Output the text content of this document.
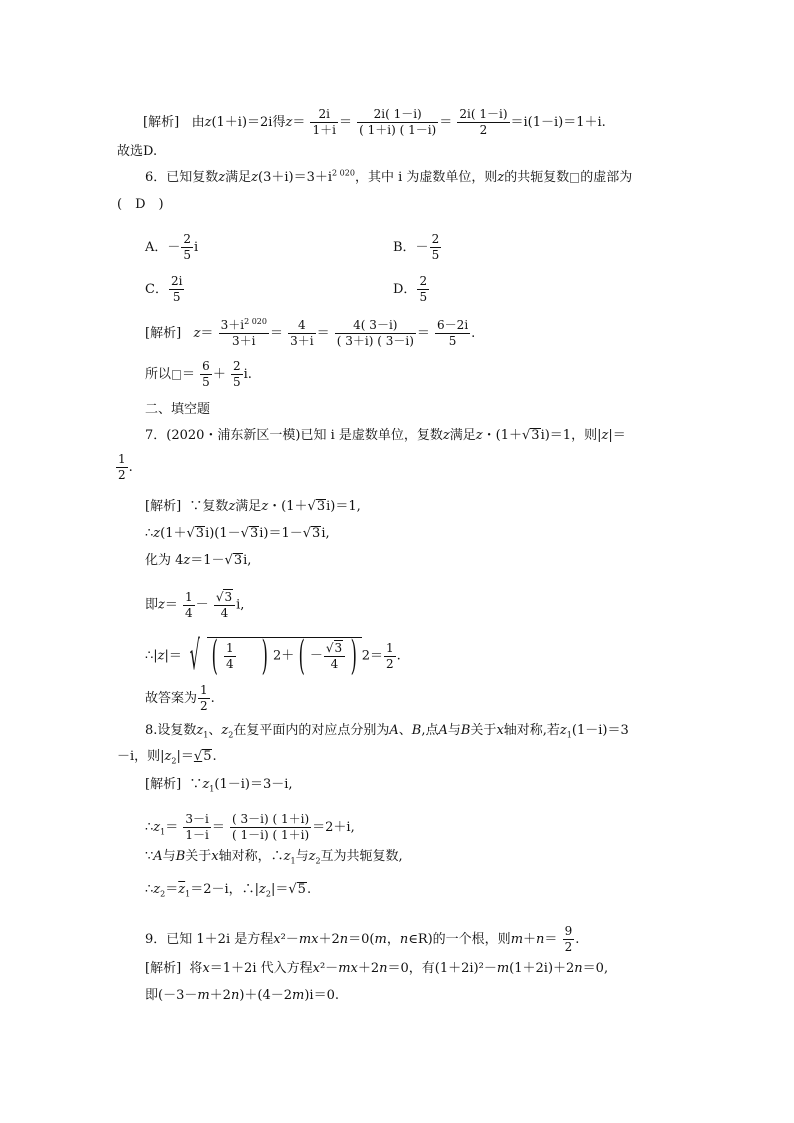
[解析] 由z(1＋i)＝2i得$z= \frac{2i}{1+i} = \frac{2i( 1-i)}{( 1+i) ( 1-i)} = \frac{2i( 1-i)}{2} =i(1-i)=1+i$.
故选D.
6．已知复数z满足$z(3+i)=3+i^{2 020}$，其中 i 为虚数单位，则z的共轭复数 的虚部为
(　D　)
A．－ $\frac{2}{5}$ i	B．－ $\frac{2}{5}$
C． $\frac{2i}{5}$	D． $\frac{2}{5}$
[解析] $z= \frac{3+i^{2 020}}{3+i} = \frac{4}{3+i} = \frac{4( 3-i)}{( 3+i) ( 3-i)} = \frac{6-2i}{5}$ .
所以 ＝ $\frac{6}{5} + \frac{2}{5} i$.
二、填空题
7．(2020・浦东新区一模)已知 i 是虚数单位，复数z满足z・(1＋√3i)＝1，则|z|＝
$\frac{1}{2}$ .
[解析] ∵复数z满足z・(1＋√3i)＝1,
∴z(1＋√3i)(1－√3i)＝1－√3i,
化为 4z＝1－√3i,
即$z= \frac{1}{4} - \frac{√3}{4} i$,
∴|z|＝ √ ( $\frac{1}{4}$ ) 2＋ ( － $\frac{√3}{4}$ ) $2= \frac{1}{2}$ .
故答案为 $\frac{1}{2}$ .
8.设复数$z_1$、$z_2$在复平面内的对应点分别为A、B,点A与B关于x轴对称,若$z_1(1-i)=3$
－i，则$|z_2|=√5$.
[解析] $\because z_1(1-i)=3-i$,
$\therefore z_1= \frac{3-i}{1-i} = \frac{( 3-i) ( 1+i)}{( 1-i) ( 1+i)} =2+i$,
∵A与B关于x轴对称，$\therefore z_1$与$z_2$互为共轭复数,
$\therefore z_2=\overline{z}_1=2-i$，$\therefore|z_2|=√5$.
9．已知 1＋2i 是方程x²－mx＋2n＝0(m，n∈R)的一个根，则$m+n= \frac{9}{2}$ .
[解析] 将x＝1＋2i 代入方程x²－mx＋2n＝0，有(1＋2i)²－m(1＋2i)＋2n＝0,
即(－3－m＋2n)＋(4－2m)i＝0.
